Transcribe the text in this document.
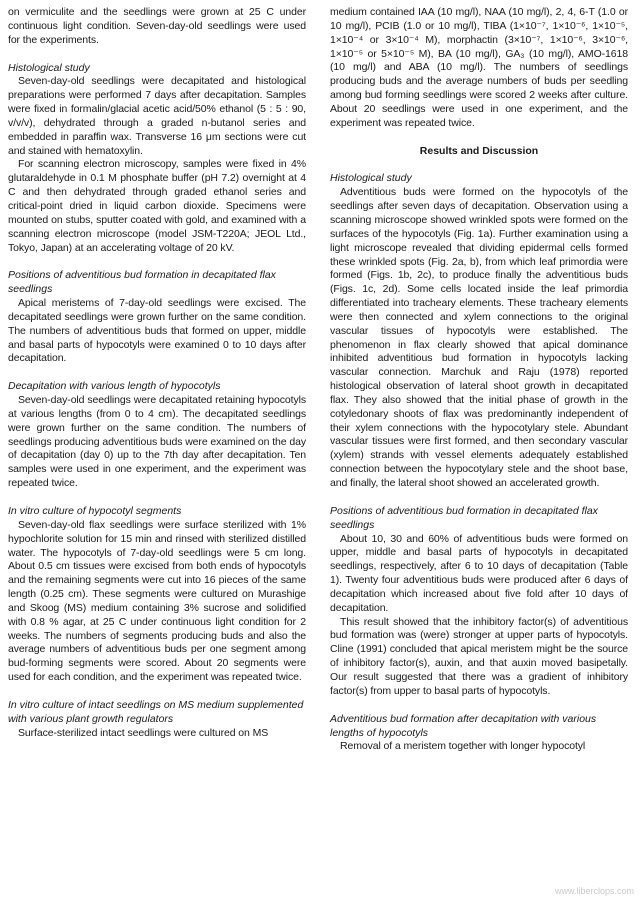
on vermiculite and the seedlings were grown at 25 C under continuous light condition. Seven-day-old seedlings were used for the experiments.

Histological study

Seven-day-old seedlings were decapitated and histological preparations were performed 7 days after decapitation. Samples were fixed in formalin/glacial acetic acid/50% ethanol (5 : 5 : 90, v/v/v), dehydrated through a graded n-butanol series and embedded in paraffin wax. Transverse 16 μm sections were cut and stained with hematoxylin.

For scanning electron microscopy, samples were fixed in 4% glutaraldehyde in 0.1 M phosphate buffer (pH 7.2) overnight at 4 C and then dehydrated through graded ethanol series and critical-point dried in liquid carbon dioxide. Specimens were mounted on stubs, sputter coated with gold, and examined with a scanning electron microscope (model JSM-T220A; JEOL Ltd., Tokyo, Japan) at an accelerating voltage of 20 kV.

Positions of adventitious bud formation in decapitated flax seedlings

Apical meristems of 7-day-old seedlings were excised. The decapitated seedlings were grown further on the same condition. The numbers of adventitious buds that formed on upper, middle and basal parts of hypocotyls were examined 0 to 10 days after decapitation.

Decapitation with various length of hypocotyls

Seven-day-old seedlings were decapitated retaining hypocotyls at various lengths (from 0 to 4 cm). The decapitated seedlings were grown further on the same condition. The numbers of seedlings producing adventitious buds were examined on the day of decapitation (day 0) up to the 7th day after decapitation. Ten samples were used in one experiment, and the experiment was repeated twice.

In vitro culture of hypocotyl segments

Seven-day-old flax seedlings were surface sterilized with 1% hypochlorite solution for 15 min and rinsed with sterilized distilled water. The hypocotyls of 7-day-old seedlings were 5 cm long. About 0.5 cm tissues were excised from both ends of hypocotyls and the remaining segments were cut into 16 pieces of the same length (0.25 cm). These segments were cultured on Murashige and Skoog (MS) medium containing 3% sucrose and solidified with 0.8 % agar, at 25 C under continuous light condition for 2 weeks. The numbers of segments producing buds and also the average numbers of adventitious buds per one segment among bud-forming segments were scored. About 20 segments were used for each condition, and the experiment was repeated twice.

In vitro culture of intact seedlings on MS medium supplemented with various plant growth regulators

Surface-sterilized intact seedlings were cultured on MS

medium contained IAA (10 mg/l), NAA (10 mg/l), 2, 4, 6-T (1.0 or 10 mg/l), PCIB (1.0 or 10 mg/l), TIBA (1×10⁻⁷, 1×10⁻⁶, 1×10⁻⁵, 1×10⁻⁴ or 3×10⁻⁴ M), morphactin (3×10⁻⁷, 1×10⁻⁶, 3×10⁻⁶, 1×10⁻⁵ or 5×10⁻⁵ M), BA (10 mg/l), GA₃ (10 mg/l), AMO-1618 (10 mg/l) and ABA (10 mg/l). The numbers of seedlings producing buds and the average numbers of buds per seedling among bud forming seedlings were scored 2 weeks after culture. About 20 seedlings were used in one experiment, and the experiment was repeated twice.

Results and Discussion
Histological study

Adventitious buds were formed on the hypocotyls of the seedlings after seven days of decapitation. Observation using a scanning microscope showed wrinkled spots were formed on the surfaces of the hypocotyls (Fig. 1a). Further examination using a light microscope revealed that dividing epidermal cells formed these wrinkled spots (Fig. 2a, b), from which leaf primordia were formed (Figs. 1b, 2c), to produce finally the adventitious buds (Figs. 1c, 2d). Some cells located inside the leaf primordia differentiated into tracheary elements. These tracheary elements were then connected and xylem connections to the original vascular tissues of hypocotyls were established. The phenomenon in flax clearly showed that apical dominance inhibited adventitious bud formation in hypocotyls lacking vascular connection. Marchuk and Raju (1978) reported histological observation of lateral shoot growth in decapitated flax. They also showed that the initial phase of growth in the cotyledonary shoots of flax was predominantly independent of their xylem connections with the hypocotylary stele. Abundant vascular tissues were first formed, and then secondary vascular (xylem) strands with vessel elements adequately established connection between the hypocotylary stele and the shoot base, and finally, the lateral shoot showed an accelerated growth.

Positions of adventitious bud formation in decapitated flax seedlings

About 10, 30 and 60% of adventitious buds were formed on upper, middle and basal parts of hypocotyls in decapitated seedlings, respectively, after 6 to 10 days of decapitation (Table 1). Twenty four adventitious buds were produced after 6 days of decapitation which increased about five fold after 10 days of decapitation.

This result showed that the inhibitory factor(s) of adventitious bud formation was (were) stronger at upper parts of hypocotyls. Cline (1991) concluded that apical meristem might be the source of inhibitory factor(s), auxin, and that auxin moved basipetally. Our result suggested that there was a gradient of inhibitory factor(s) from upper to basal parts of hypocotyls.

Adventitious bud formation after decapitation with various lengths of hypocotyls

Removal of a meristem together with longer hypocotyl

www.liberclops.com
